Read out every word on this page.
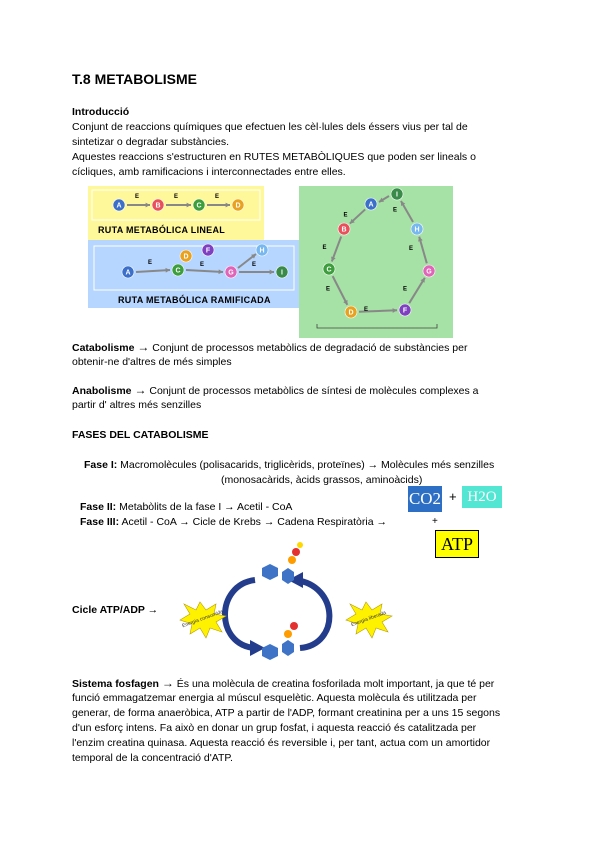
T.8 METABOLISME
Introducció
Conjunt de reaccions químiques que efectuen les cèl·lules dels éssers vius per tal de
sintetizar o degradar substàncies.
Aquestes reaccions s'estructuren en RUTES METABÒLIQUES que poden ser lineals o
cícliques, amb ramificacions i interconnectades entre elles.
E	E	E
A	B	C	D
RUTA METABÓLICA LINEAL
E	E	E
A	C
D
F
G
H
I
RUTA METABÓLICA RAMIFICADA
E
E
E
E
E
E
E
A
B
C
D	F
G
H
I
Catabolisme → Conjunt de processos metabòlics de degradació de substàncies per
obtenir-ne d'altres de més simples
Anabolisme → Conjunt de processos metabòlics de síntesi de molècules complexes a
partir d' altres més senzilles
FASES DEL CATABOLISME
Fase I: Macromolècules (polisacarids, triglicèrids, proteïnes) → Molècules més senzilles
(monosacàrids, àcids grassos, aminoàcids)
Fase II: Metabòlits de la fase I → Acetil - CoA
Fase III: Acetil - CoA → Cicle de Krebs → Cadena Respiratòria →
CO2 + H2O
+
ATP
Cicle ATP/ADP →	Energía consumida	Energía liberada
Sistema fosfagen → És una molècula de creatina fosforilada molt important, ja que té per
funció emmagatzemar energia al múscul esquelètic. Aquesta molècula és utilitzada per
generar, de forma anaeròbica, ATP a partir de l'ADP, formant creatinina per a uns 15 segons
d'un esforç intens. Fa això en donar un grup fosfat, i aquesta reacció és catalitzada per
l'enzim creatina quinasa. Aquesta reacció és reversible i, per tant, actua com un amortidor
temporal de la concentració d'ATP.
